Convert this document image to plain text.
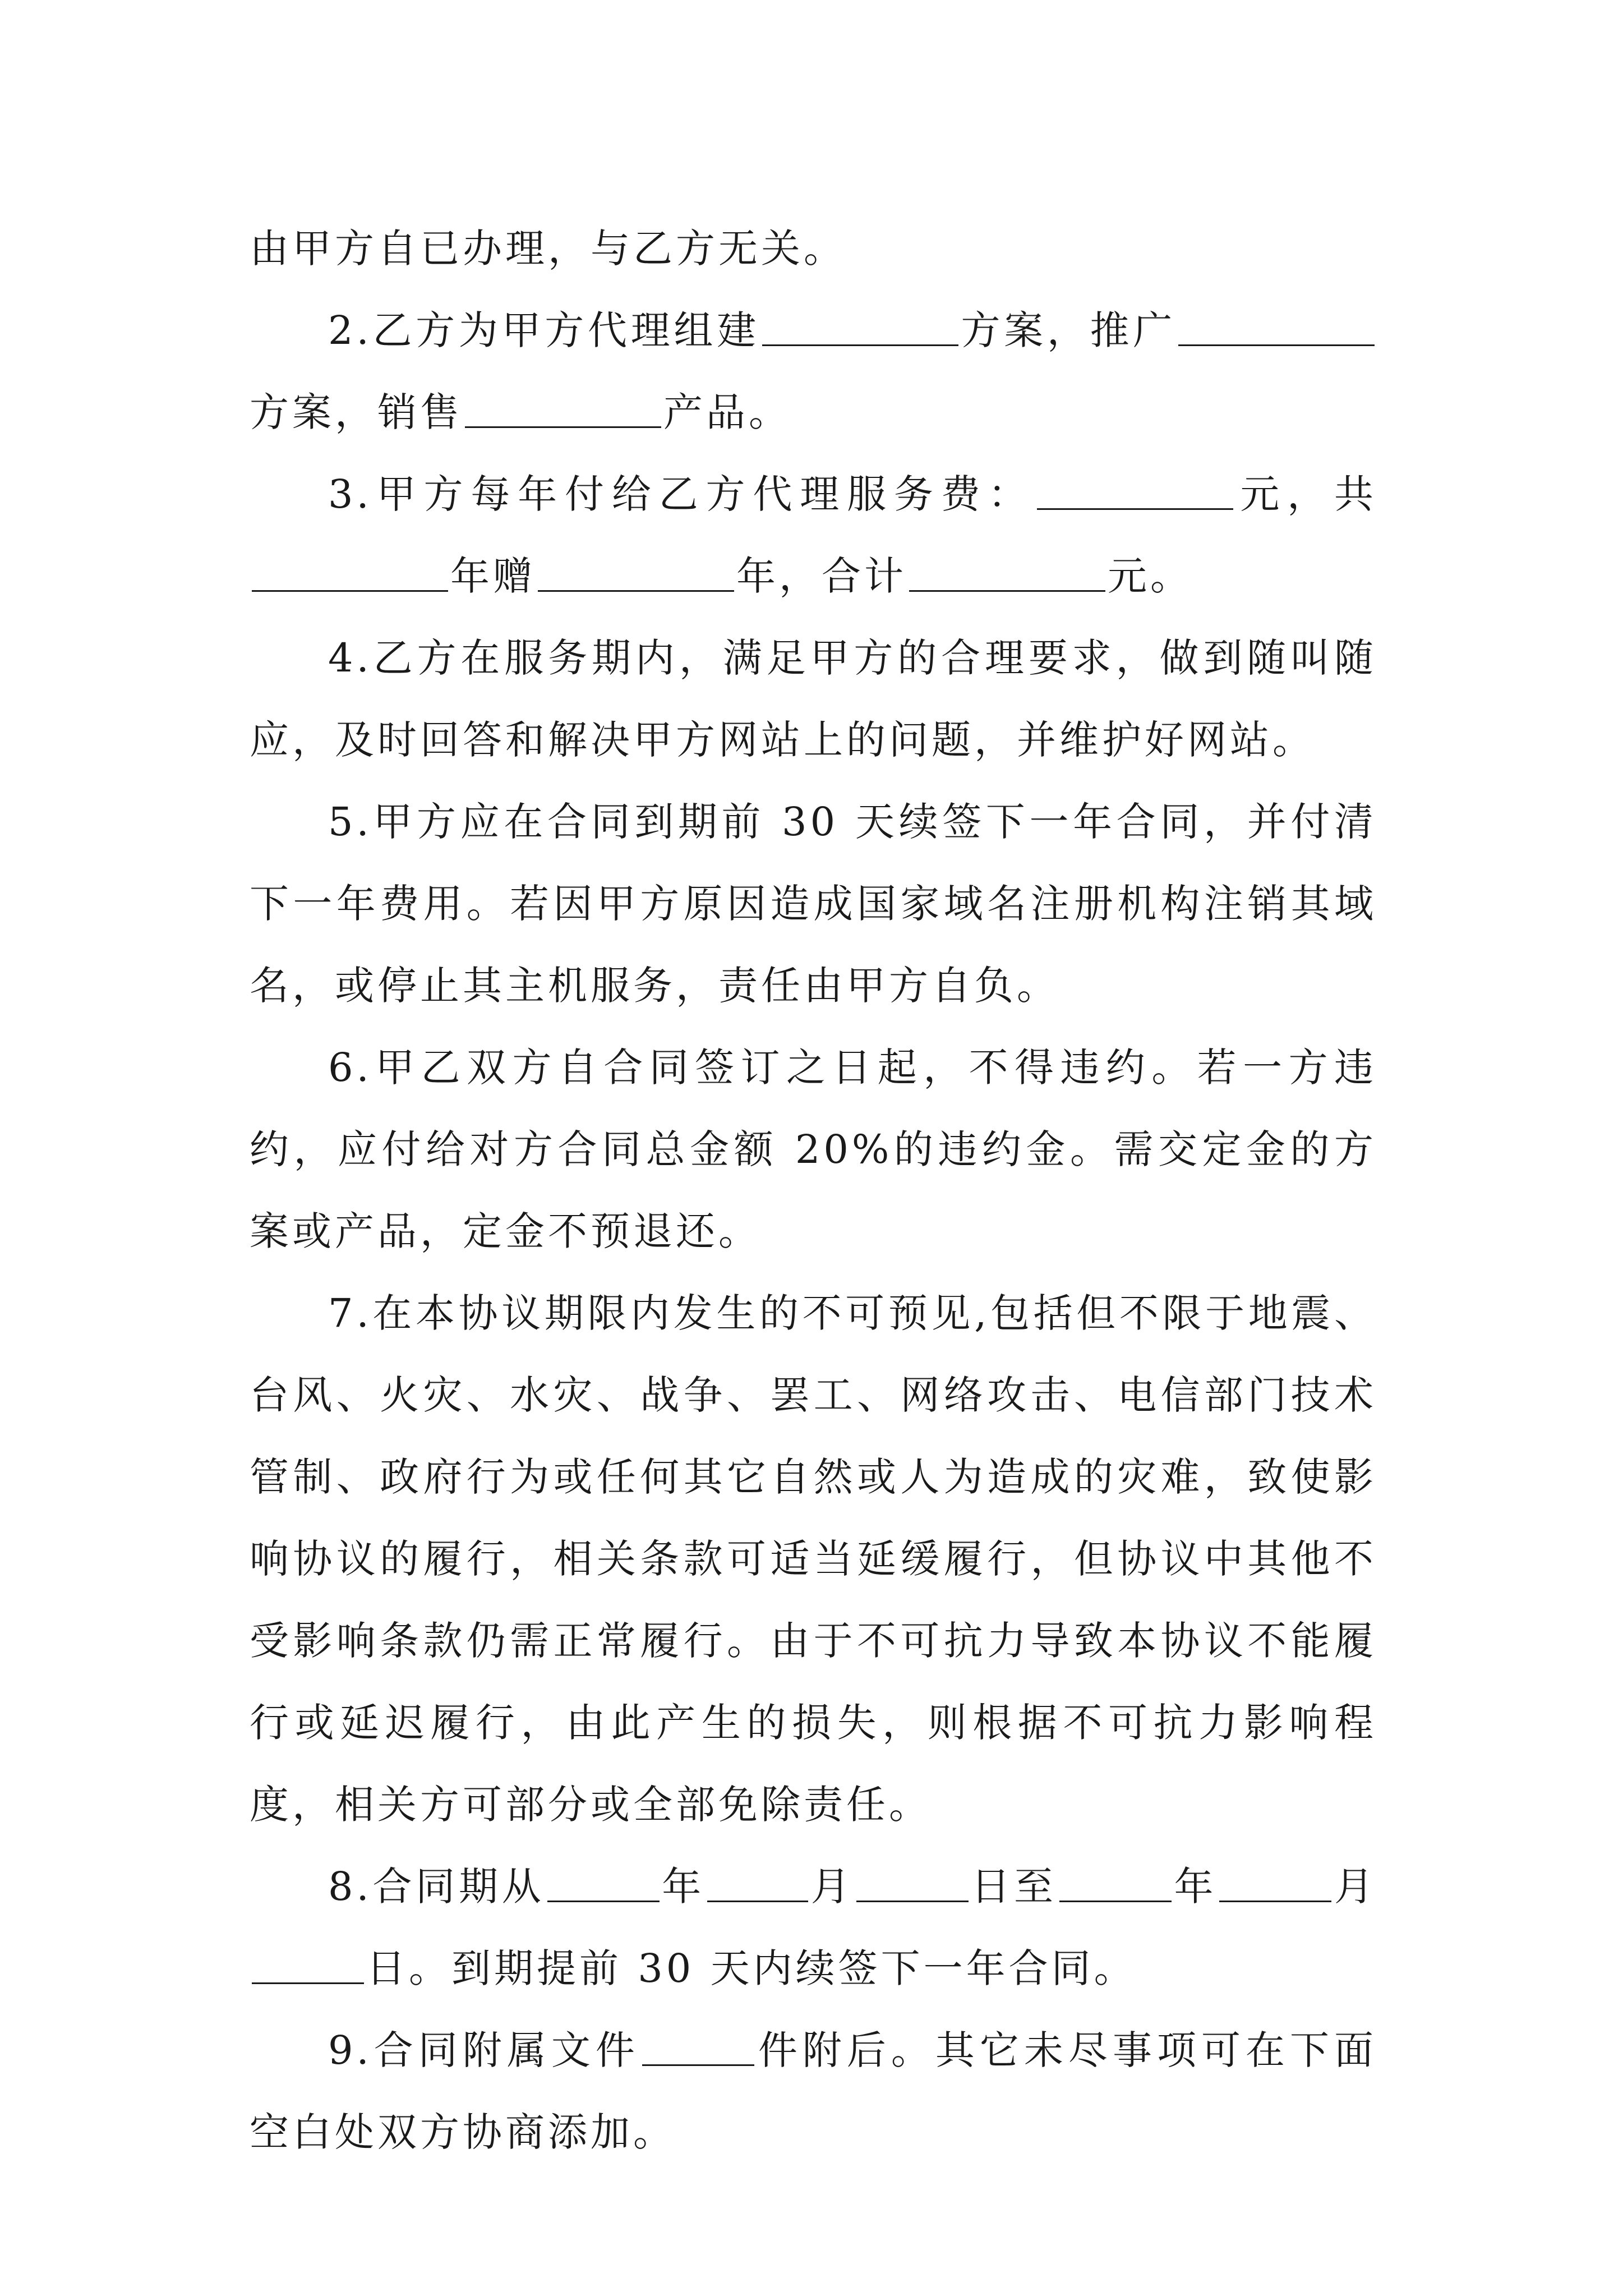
由甲方自已办理，与乙方无关。

2.乙方为甲方代理组建	方案，推广方案，销售	产品。

3.甲方每年付给乙方代理服务费：	元，共年赠	年，合计	元。

4.乙方在服务期内，满足甲方的合理要求，做到随叫随应，及时回答和解决甲方网站上的问题，并维护好网站。

5.甲方应在合同到期前 30 天续签下一年合同，并付清下一年费用。若因甲方原因造成国家域名注册机构注销其域名，或停止其主机服务，责任由甲方自负。

6.甲乙双方自合同签订之日起，不得违约。若一方违约，应付给对方合同总金额 20%的违约金。需交定金的方案或产品，定金不预退还。

7.在本协议期限内发生的不可预见,包括但不限于地震、台风、火灾、水灾、战争、罢工、网络攻击、电信部门技术管制、政府行为或任何其它自然或人为造成的灾难，致使影响协议的履行，相关条款可适当延缓履行，但协议中其他不受影响条款仍需正常履行。由于不可抗力导致本协议不能履行或延迟履行，由此产生的损失，则根据不可抗力影响程度，相关方可部分或全部免除责任。

8.合同期从	年	月	日至	年	月日。到期提前 30 天内续签下一年合同。

9.合同附属文件	件附后。其它未尽事项可在下面空白处双方协商添加。
